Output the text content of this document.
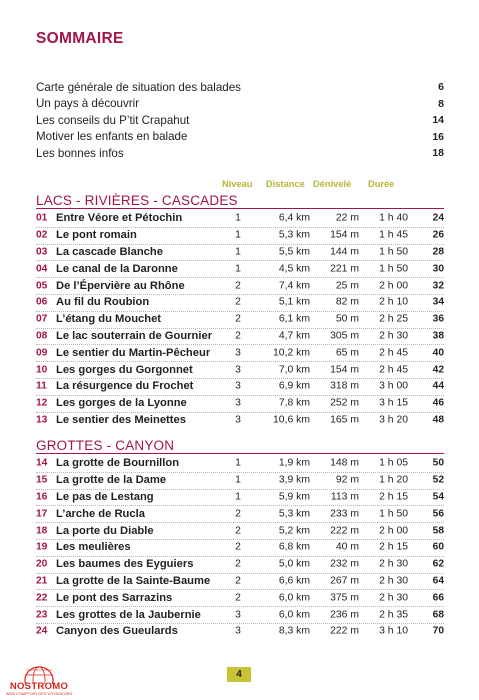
SOMMAIRE
Carte générale de situation des balades	6
Un pays à découvrir	8
Les conseils du P’tit Crapahut	14
Motiver les enfants en balade	16
Les bonnes infos	18
Niveau Distance Dénivelé Durée
LACS - RIVIÈRES - CASCADES
01 Entre Véore et Pétochin	1	6,4 km	22 m	1 h 40	24
02 Le pont romain	1	5,3 km	154 m	1 h 45	26
03 La cascade Blanche	1	5,5 km	144 m	1 h 50	28
04 Le canal de la Daronne	1	4,5 km	221 m	1 h 50	30
05 De l’Épervière au Rhône	2	7,4 km	25 m	2 h 00	32
06 Au fil du Roubion	2	5,1 km	82 m	2 h 10	34
07 L’étang du Mouchet	2	6,1 km	50 m	2 h 25	36
08 Le lac souterrain de Gournier	2	4,7 km	305 m	2 h 30	38
09 Le sentier du Martin-Pêcheur	3	10,2 km	65 m	2 h 45	40
10 Les gorges du Gorgonnet	3	7,0 km	154 m	2 h 45	42
11 La résurgence du Frochet	3	6,9 km	318 m	3 h 00	44
12 Les gorges de la Lyonne	3	7,8 km	252 m	3 h 15	46
13 Le sentier des Meinettes	3	10,6 km	165 m	3 h 20	48
GROTTES - CANYON
14 La grotte de Bournillon	1	1,9 km	148 m	1 h 05	50
15 La grotte de la Dame	1	3,9 km	92 m	1 h 20	52
16 Le pas de Lestang	1	5,9 km	113 m	2 h 15	54
17 L’arche de Rucla	2	5,3 km	233 m	1 h 50	56
18 La porte du Diable	2	5,2 km	222 m	2 h 00	58
19 Les meulières	2	6,8 km	40 m	2 h 15	60
20 Les baumes des Eyguiers	2	5,0 km	232 m	2 h 30	62
21 La grotte de la Sainte-Baume	2	6,6 km	267 m	2 h 30	64
22 Le pont des Sarrazins	2	6,0 km	375 m	2 h 30	66
23 Les grottes de la Jaubernie	3	6,0 km	236 m	2 h 35	68
24 Canyon des Gueulards	3	8,3 km	222 m	3 h 10	70
4
NOSTROMO
WEB COMPTOIR DES VOYAGEURS
